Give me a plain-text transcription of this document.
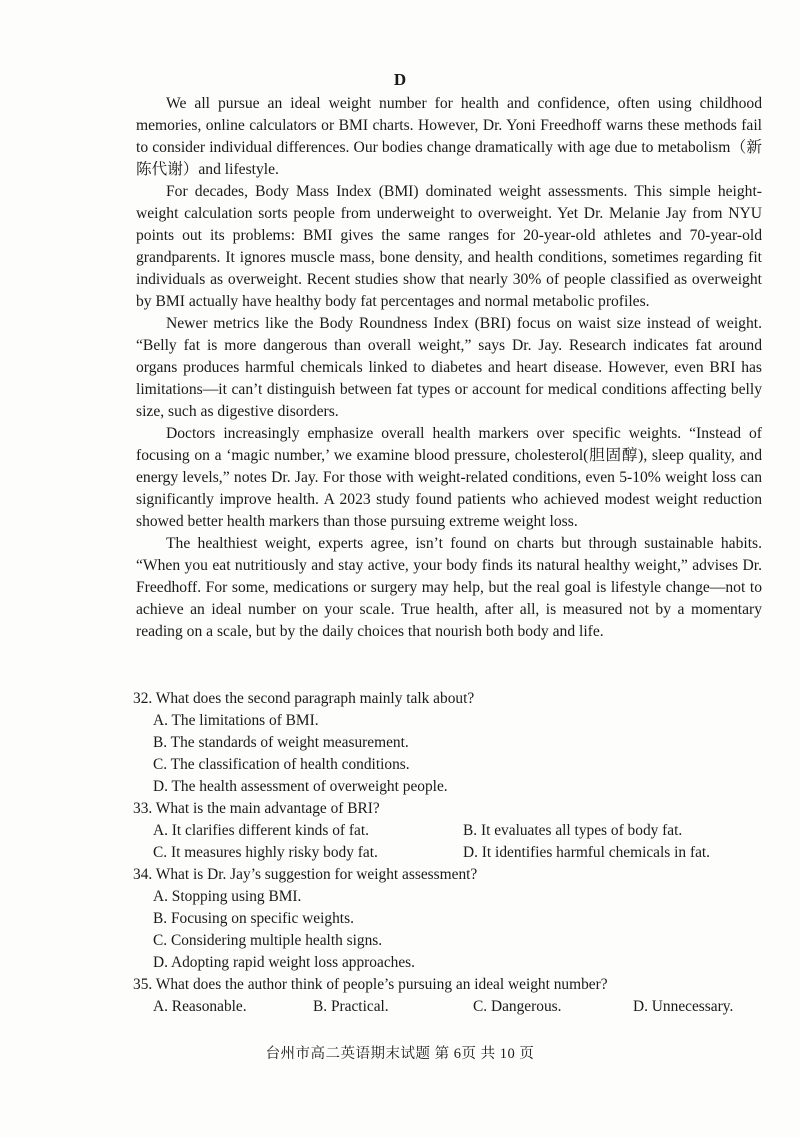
D

We all pursue an ideal weight number for health and confidence, often using childhood memories, online calculators or BMI charts. However, Dr. Yoni Freedhoff warns these methods fail to consider individual differences. Our bodies change dramatically with age due to metabolism（新陈代谢）and lifestyle.

For decades, Body Mass Index (BMI) dominated weight assessments. This simple height-weight calculation sorts people from underweight to overweight. Yet Dr. Melanie Jay from NYU points out its problems: BMI gives the same ranges for 20-year-old athletes and 70-year-old grandparents. It ignores muscle mass, bone density, and health conditions, sometimes regarding fit individuals as overweight. Recent studies show that nearly 30% of people classified as overweight by BMI actually have healthy body fat percentages and normal metabolic profiles.

Newer metrics like the Body Roundness Index (BRI) focus on waist size instead of weight. “Belly fat is more dangerous than overall weight,” says Dr. Jay. Research indicates fat around organs produces harmful chemicals linked to diabetes and heart disease. However, even BRI has limitations—it can’t distinguish between fat types or account for medical conditions affecting belly size, such as digestive disorders.

Doctors increasingly emphasize overall health markers over specific weights. “Instead of focusing on a ‘magic number,’ we examine blood pressure, cholesterol(胆固醇), sleep quality, and energy levels,” notes Dr. Jay. For those with weight-related conditions, even 5-10% weight loss can significantly improve health. A 2023 study found patients who achieved modest weight reduction showed better health markers than those pursuing extreme weight loss.

The healthiest weight, experts agree, isn’t found on charts but through sustainable habits. “When you eat nutritiously and stay active, your body finds its natural healthy weight,” advises Dr. Freedhoff. For some, medications or surgery may help, but the real goal is lifestyle change—not to achieve an ideal number on your scale. True health, after all, is measured not by a momentary reading on a scale, but by the daily choices that nourish both body and life.

32. What does the second paragraph mainly talk about?
A. The limitations of BMI.
B. The standards of weight measurement.
C. The classification of health conditions.
D. The health assessment of overweight people.
33. What is the main advantage of BRI?
A. It clarifies different kinds of fat.	B. It evaluates all types of body fat.
C. It measures highly risky body fat.	D. It identifies harmful chemicals in fat.
34. What is Dr. Jay’s suggestion for weight assessment?
A. Stopping using BMI.
B. Focusing on specific weights.
C. Considering multiple health signs.
D. Adopting rapid weight loss approaches.
35. What does the author think of people’s pursuing an ideal weight number?
A. Reasonable.	B. Practical.	C. Dangerous.	D. Unnecessary.
台州市高二英语期末试题 第 6页 共 10 页
